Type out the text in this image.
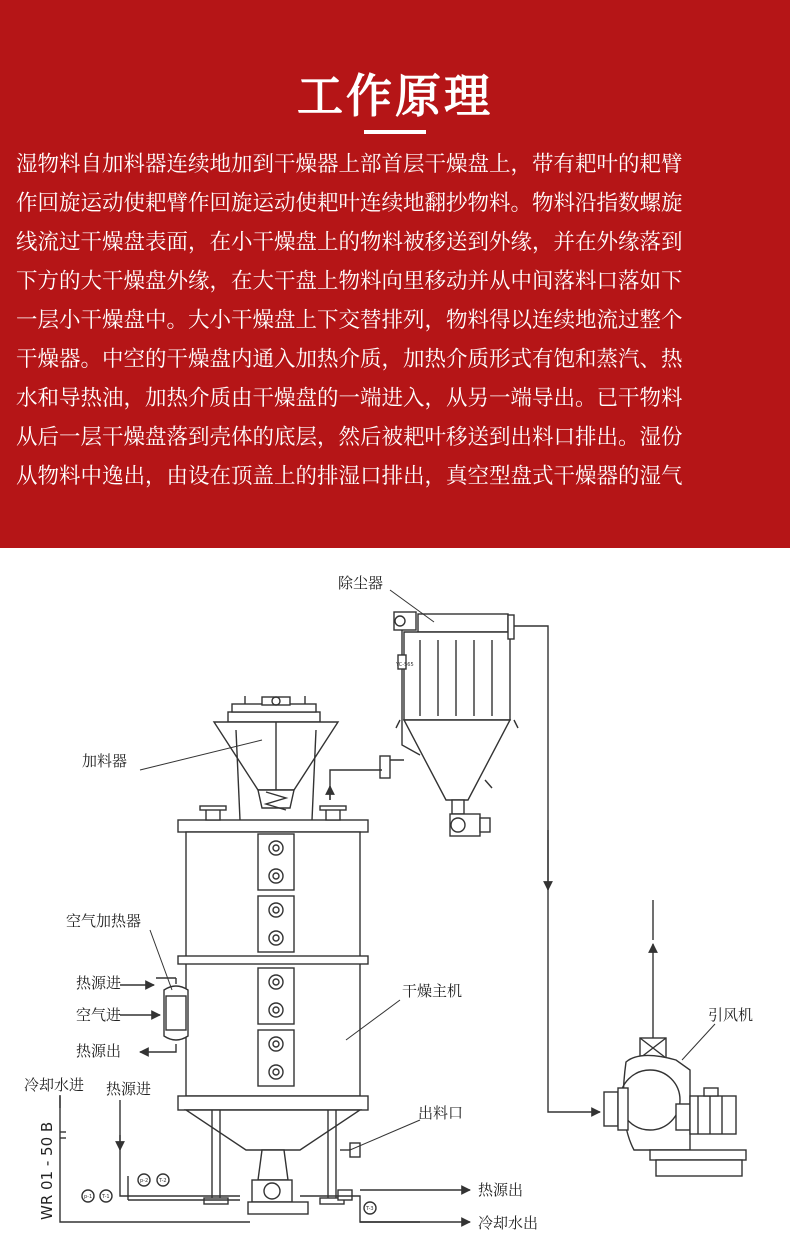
工作原理

湿物料自加料器连续地加到干燥器上部首层干燥盘上，带有耙叶的耙臂

作回旋运动使耙臂作回旋运动使耙叶连续地翻抄物料。物料沿指数螺旋

线流过干燥盘表面，在小干燥盘上的物料被移送到外缘，并在外缘落到

下方的大干燥盘外缘，在大干盘上物料向里移动并从中间落料口落如下

一层小干燥盘中。大小干燥盘上下交替排列，物料得以连续地流过整个

干燥器。中空的干燥盘内通入加热介质，加热介质形式有饱和蒸汽、热

水和导热油，加热介质由干燥盘的一端进入，从另一端导出。已干物料

从后一层干燥盘落到壳体的底层，然后被耙叶移送到出料口排出。湿份

从物料中逸出，由设在顶盖上的排湿口排出，真空型盘式干燥器的湿气

除尘器
加料器
空气加热器
热源进
空气进
热源出
冷却水进 热源进
干燥主机
引风机
出料口
热源出
冷却水出
WR 01 - 50 B
YC-565
p-1 T-1
p-2 T-2
T-3
